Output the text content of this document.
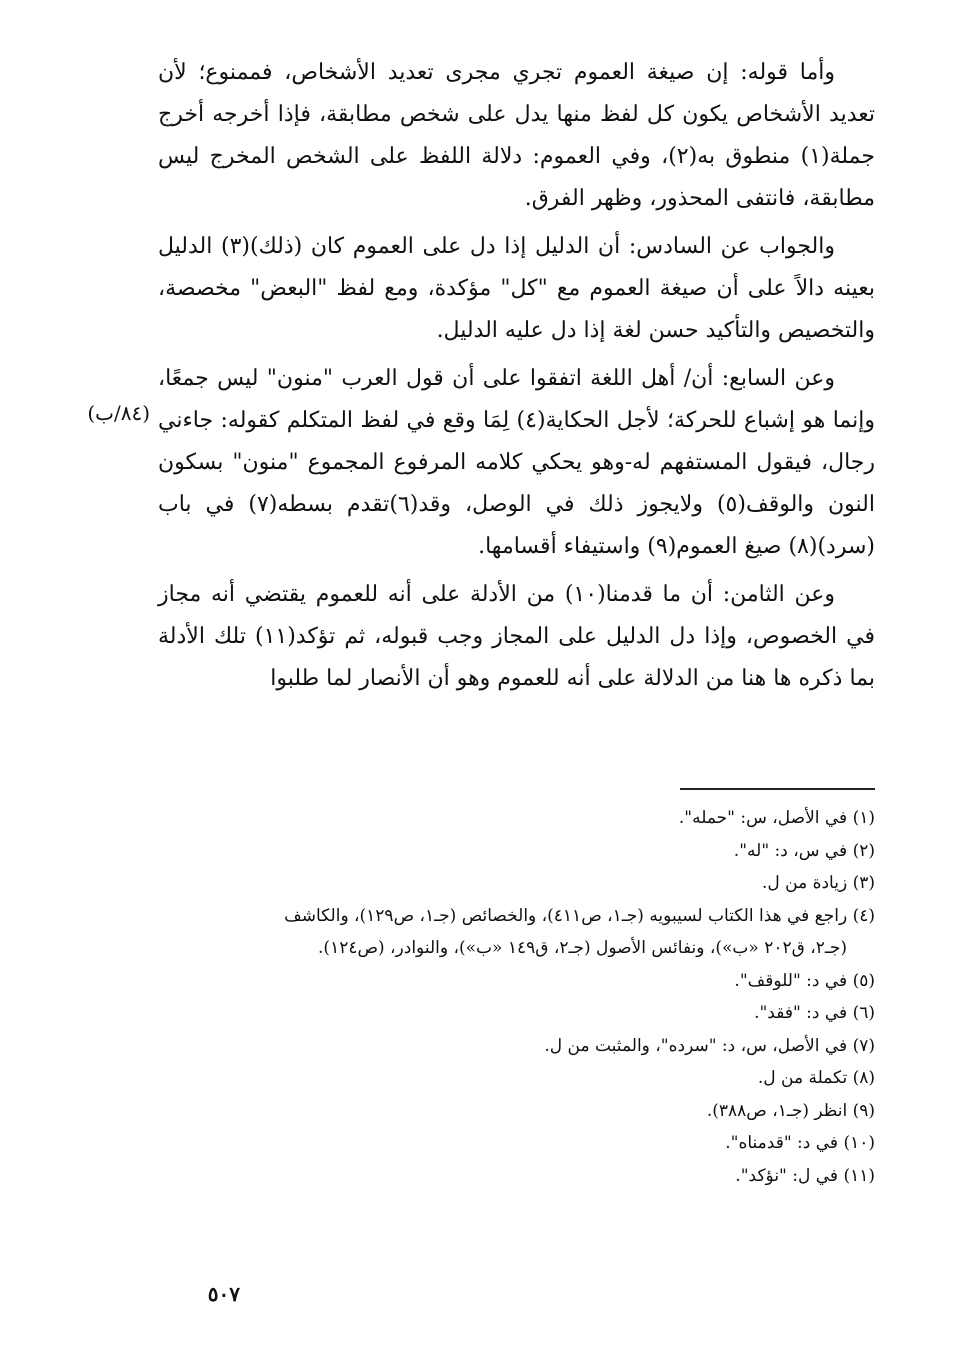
وأما قوله: إن صيغة العموم تجري مجرى تعديد الأشخاص، فممنوع؛ لأن تعديد الأشخاص يكون كل لفظ منها يدل على شخص مطابقة، فإذا أخرجه أخرج جملة(١) منطوق به(٢)، وفي العموم: دلالة اللفظ على الشخص المخرج ليس مطابقة، فانتفى المحذور، وظهر الفرق.

والجواب عن السادس: أن الدليل إذا دل على العموم كان (ذلك)(٣) الدليل بعينه دالاً على أن صيغة العموم مع "كل" مؤكدة، ومع لفظ "البعض" مخصصة، والتخصيص والتأكيد حسن لغة إذا دل عليه الدليل.

وعن السابع: أن/ أهل اللغة اتفقوا على أن قول العرب "منون" ليس جمعًا، وإنما هو إشباع للحركة؛ لأجل الحكاية(٤) لِمَا وقع في لفظ المتكلم كقوله: جاءني رجال، فيقول المستفهم له-وهو يحكي كلامه المرفوع المجموع "منون" بسكون النون والوقف(٥) ولايجوز ذلك في الوصل، وقد(٦)تقدم بسطه(٧) في باب (سرد)(٨) صيغ العموم(٩) واستيفاء أقسامها.

وعن الثامن: أن ما قدمنا(١٠) من الأدلة على أنه للعموم يقتضي أنه مجاز في الخصوص، وإذا دل الدليل على المجاز وجب قبوله، ثم تؤكد(١١) تلك الأدلة بما ذكره ها هنا من الدلالة على أنه للعموم وهو أن الأنصار لما طلبوا

(٨٤/ب)

(١) في الأصل، س: "حمله".

(٢) في س، د: "له".

(٣) زيادة من ل.

(٤) راجع في هذا الكتاب لسيبويه (جـ١، ص٤١١)، والخصائص (جـ١، ص١٢٩)، والكاشف

(جـ٢، ق٢٠٢ «ب»)، ونفائس الأصول (جـ٢، ق١٤٩ «ب»)، والنوادر، (ص١٢٤).

(٥) في د: "للوقف".

(٦) في د: "فقد".

(٧) في الأصل، س، د: "سرده"، والمثبت من ل.

(٨) تكملة من ل.

(٩) انظر (جـ١، ص٣٨٨).

(١٠) في د: "قدمناه".

(١١) في ل: "نؤكد".

٥٠٧
